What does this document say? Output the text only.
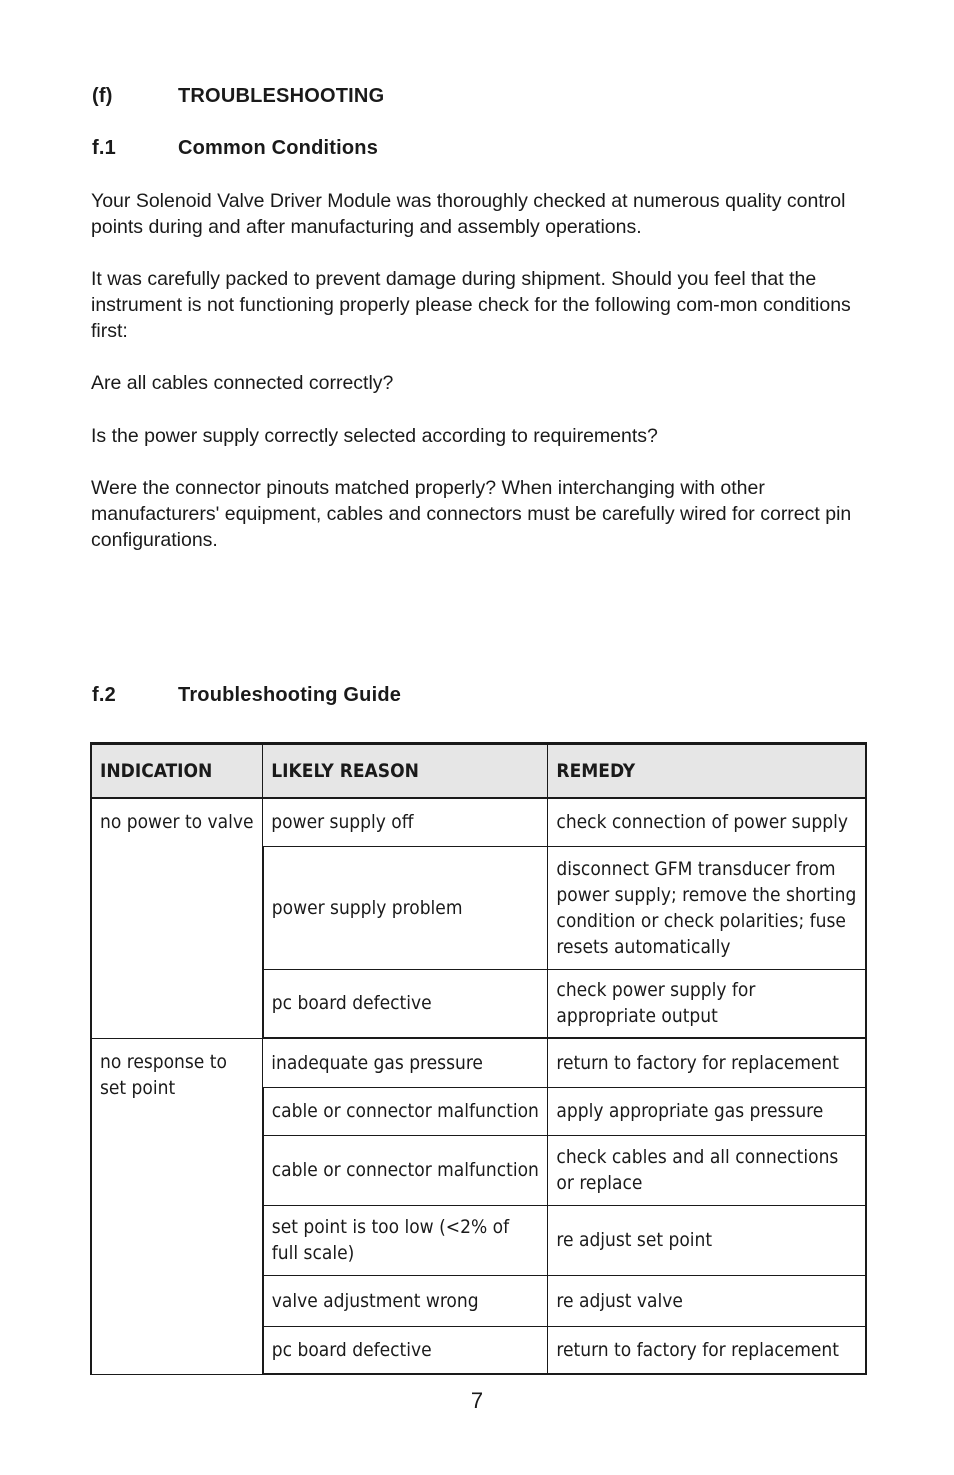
(f)	TROUBLESHOOTING
f.1	Common Conditions

Your Solenoid Valve Driver Module was thoroughly checked at numerous quality control points during and after manufacturing and assembly operations.

It was carefully packed to prevent damage during shipment. Should you feel that the instrument is not functioning properly please check for the following com-mon conditions first:

Are all cables connected correctly?

Is the power supply correctly selected according to requirements?

Were the connector pinouts matched properly? When interchanging with other manufacturers' equipment, cables and connectors must be carefully wired for correct pin configurations.

f.2	Troubleshooting Guide
INDICATION	LIKELY REASON	REMEDY
no power to valve	power supply off	check connection of power supply
	power supply problem	disconnect GFM transducer from power supply; remove the shorting condition or check polarities; fuse resets automatically
	pc board defective	check power supply for appropriate output
no response to set point	inadequate gas pressure	return to factory for replacement
	cable or connector malfunction	apply appropriate gas pressure
	cable or connector malfunction	check cables and all connections or replace
	set point is too low (<2% of full scale)	re adjust set point
	valve adjustment wrong	re adjust valve
	pc board defective	return to factory for replacement
7
